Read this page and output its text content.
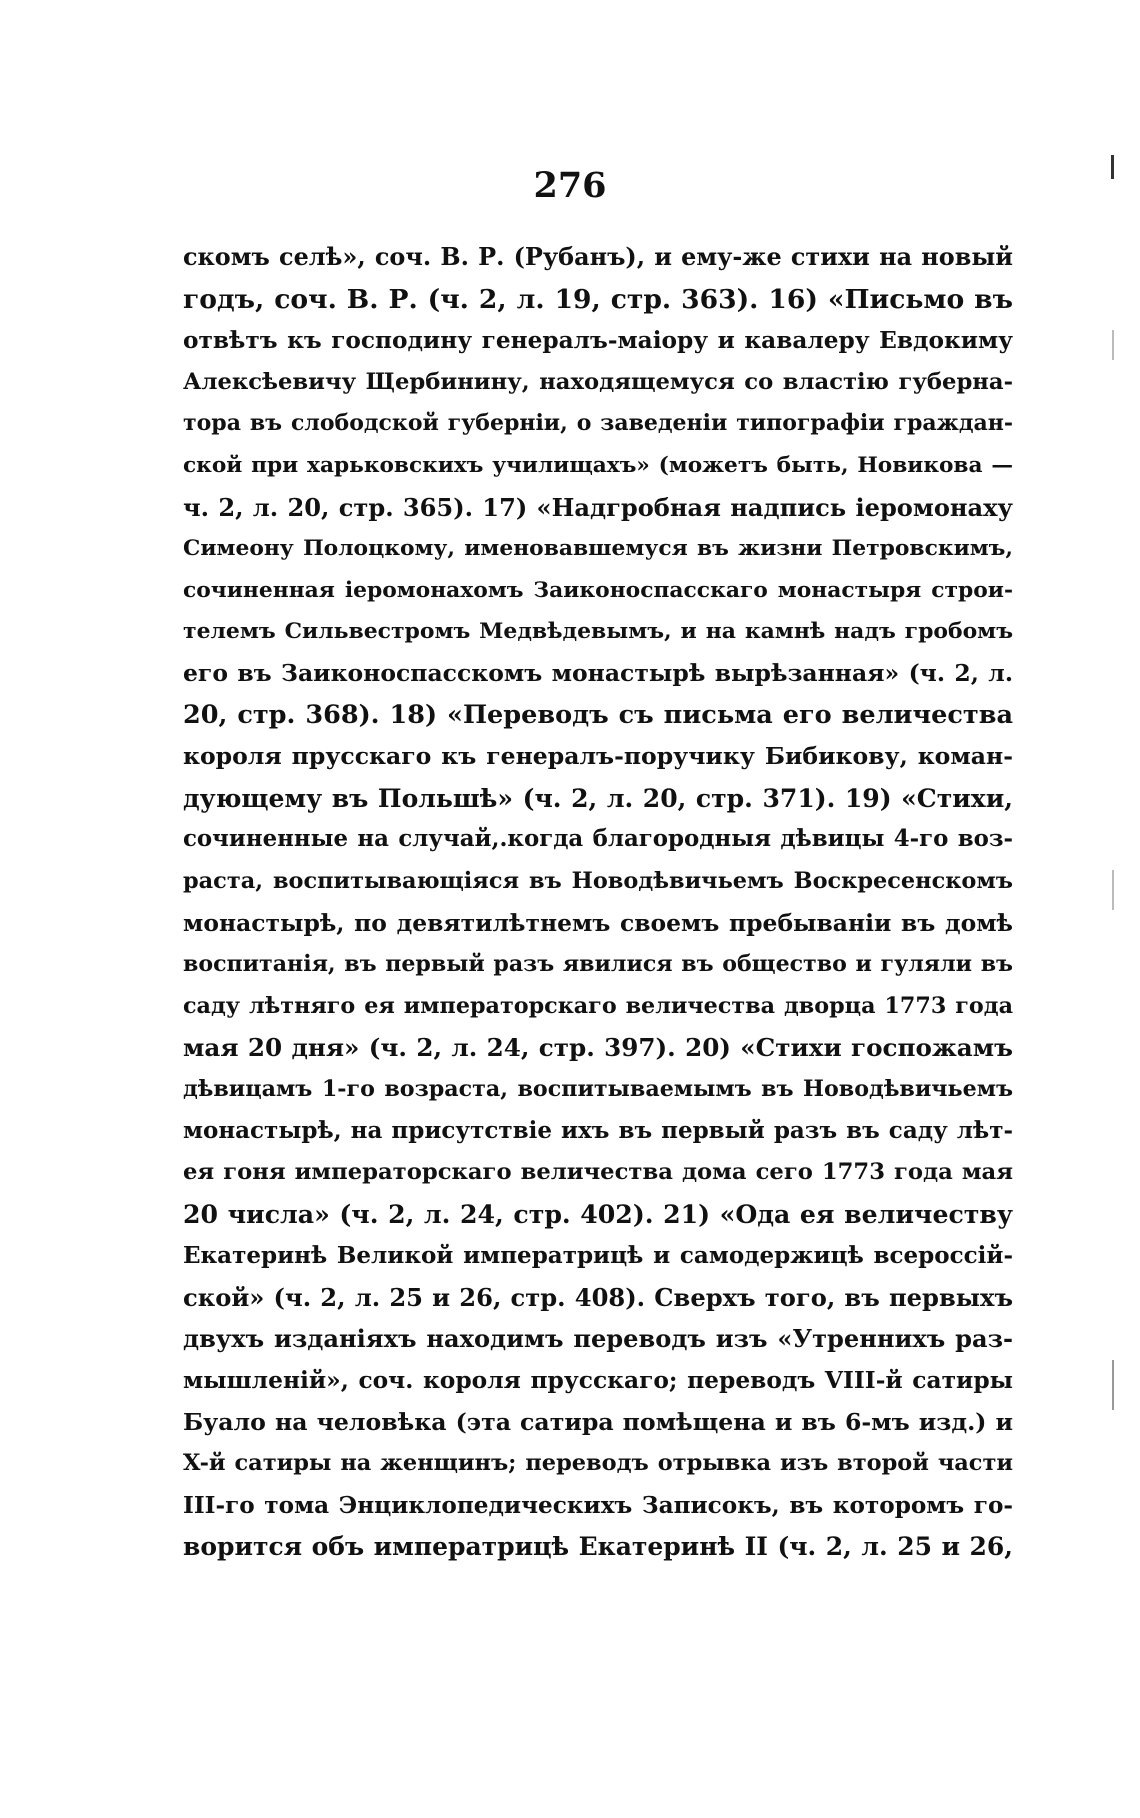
276
скомъ селѣ», соч. В. Р. (Рубанъ), и ему-же стихи на новый
годъ, соч. В. Р. (ч. 2, л. 19, стр. 363). 16) «Письмо въ
отвѣтъ къ господину генералъ-маіору и кавалеру Евдокиму
Алексѣевичу Щербинину, находящемуся со властію губерна-
тора въ слободской губерніи, о заведеніи типографіи граждан-
ской при харьковскихъ училищахъ» (можетъ быть, Новикова —
ч. 2, л. 20, стр. 365). 17) «Надгробная надпись іеромонаху
Симеону Полоцкому, именовавшемуся въ жизни Петровскимъ,
сочиненная іеромонахомъ Заиконоспасскаго монастыря строи-
телемъ Сильвестромъ Медвѣдевымъ, и на камнѣ надъ гробомъ
его въ Заиконоспасскомъ монастырѣ вырѣзанная» (ч. 2, л.
20, стр. 368). 18) «Переводъ съ письма его величества
короля прусскаго къ генералъ-поручику Бибикову, коман-
дующему въ Польшѣ» (ч. 2, л. 20, стр. 371). 19) «Стихи,
сочиненные на случай,.когда благородныя дѣвицы 4-го воз-
раста, воспитывающіяся въ Новодѣвичьемъ Воскресенскомъ
монастырѣ, по девятилѣтнемъ своемъ пребываніи въ домѣ
воспитанія, въ первый разъ явилися въ общество и гуляли въ
саду лѣтняго ея императорскаго величества дворца 1773 года
мая 20 дня» (ч. 2, л. 24, стр. 397). 20) «Стихи госпожамъ
дѣвицамъ 1-го возраста, воспитываемымъ въ Новодѣвичьемъ
монастырѣ, на присутствіе ихъ въ первый разъ въ саду лѣт-
ея гоня императорскаго величества дома сего 1773 года мая
20 числа» (ч. 2, л. 24, стр. 402). 21) «Ода ея величеству
Екатеринѣ Великой императрицѣ и самодержицѣ всероссій-
ской» (ч. 2, л. 25 и 26, стр. 408). Сверхъ того, въ первыхъ
двухъ изданіяхъ находимъ переводъ изъ «Утреннихъ раз-
мышленій», соч. короля прусскаго; переводъ VIII-й сатиры
Буало на человѣка (эта сатира помѣщена и въ 6-мъ изд.) и
X-й сатиры на женщинъ; переводъ отрывка изъ второй части
III-го тома Энциклопедическихъ Записокъ, въ которомъ го-
ворится объ императрицѣ Екатеринѣ II (ч. 2, л. 25 и 26,
